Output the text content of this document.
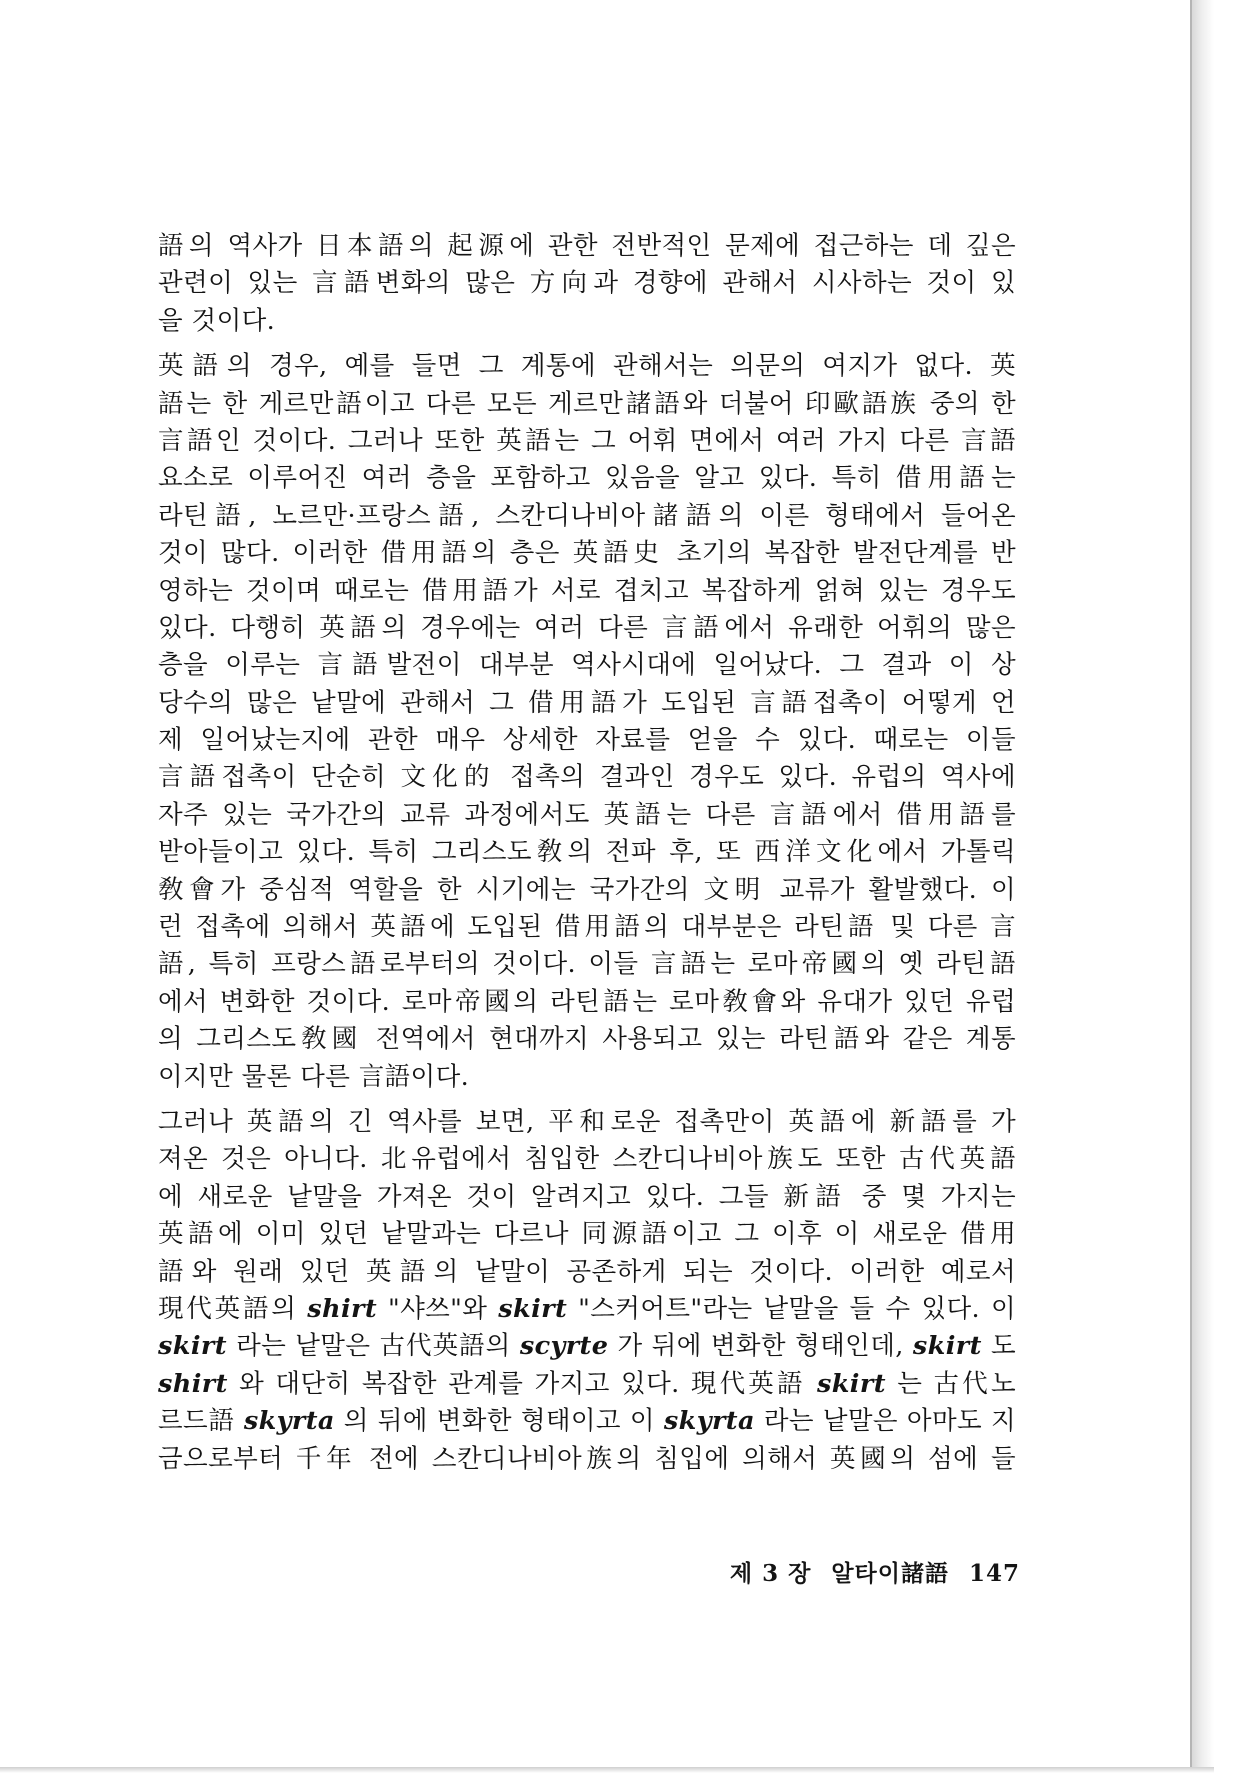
語의 역사가 日本語의 起源에 관한 전반적인 문제에 접근하는 데 깊은
관련이 있는 言語변화의 많은 方向과 경향에 관해서 시사하는 것이 있
을 것이다.
英語의 경우, 예를 들면 그 계통에 관해서는 의문의 여지가 없다. 英
語는 한 게르만語이고 다른 모든 게르만諸語와 더불어 印歐語族 중의 한
言語인 것이다. 그러나 또한 英語는 그 어휘 면에서 여러 가지 다른 言語
요소로 이루어진 여러 층을 포함하고 있음을 알고 있다. 특히 借用語는
라틴語, 노르만·프랑스語, 스칸디나비아諸語의 이른 형태에서 들어온
것이 많다. 이러한 借用語의 층은 英語史 초기의 복잡한 발전단계를 반
영하는 것이며 때로는 借用語가 서로 겹치고 복잡하게 얽혀 있는 경우도
있다. 다행히 英語의 경우에는 여러 다른 言語에서 유래한 어휘의 많은
층을 이루는 言語발전이 대부분 역사시대에 일어났다. 그 결과 이 상
당수의 많은 낱말에 관해서 그 借用語가 도입된 言語접촉이 어떻게 언
제 일어났는지에 관한 매우 상세한 자료를 얻을 수 있다. 때로는 이들
言語접촉이 단순히 文化的 접촉의 결과인 경우도 있다. 유럽의 역사에
자주 있는 국가간의 교류 과정에서도 英語는 다른 言語에서 借用語를
받아들이고 있다. 특히 그리스도敎의 전파 후, 또 西洋文化에서 가톨릭
敎會가 중심적 역할을 한 시기에는 국가간의 文明 교류가 활발했다. 이
런 접촉에 의해서 英語에 도입된 借用語의 대부분은 라틴語 및 다른 言
語, 특히 프랑스語로부터의 것이다. 이들 言語는 로마帝國의 옛 라틴語
에서 변화한 것이다. 로마帝國의 라틴語는 로마敎會와 유대가 있던 유럽
의 그리스도敎國 전역에서 현대까지 사용되고 있는 라틴語와 같은 계통
이지만 물론 다른 言語이다.
그러나 英語의 긴 역사를 보면, 平和로운 접촉만이 英語에 新語를 가
져온 것은 아니다. 北유럽에서 침입한 스칸디나비아族도 또한 古代英語
에 새로운 낱말을 가져온 것이 알려지고 있다. 그들 新語 중 몇 가지는
英語에 이미 있던 낱말과는 다르나 同源語이고 그 이후 이 새로운 借用
語와 원래 있던 英語의 낱말이 공존하게 되는 것이다. 이러한 예로서
現代英語의 shirt "샤쓰"와 skirt "스커어트"라는 낱말을 들 수 있다. 이
skirt 라는 낱말은 古代英語의 scyrte 가 뒤에 변화한 형태인데, skirt 도
shirt 와 대단히 복잡한 관계를 가지고 있다. 現代英語 skirt 는 古代노
르드語 skyrta 의 뒤에 변화한 형태이고 이 skyrta 라는 낱말은 아마도 지
금으로부터 千年 전에 스칸디나비아族의 침입에 의해서 英國의 섬에 들
제 3 장 알타이諸語 147
